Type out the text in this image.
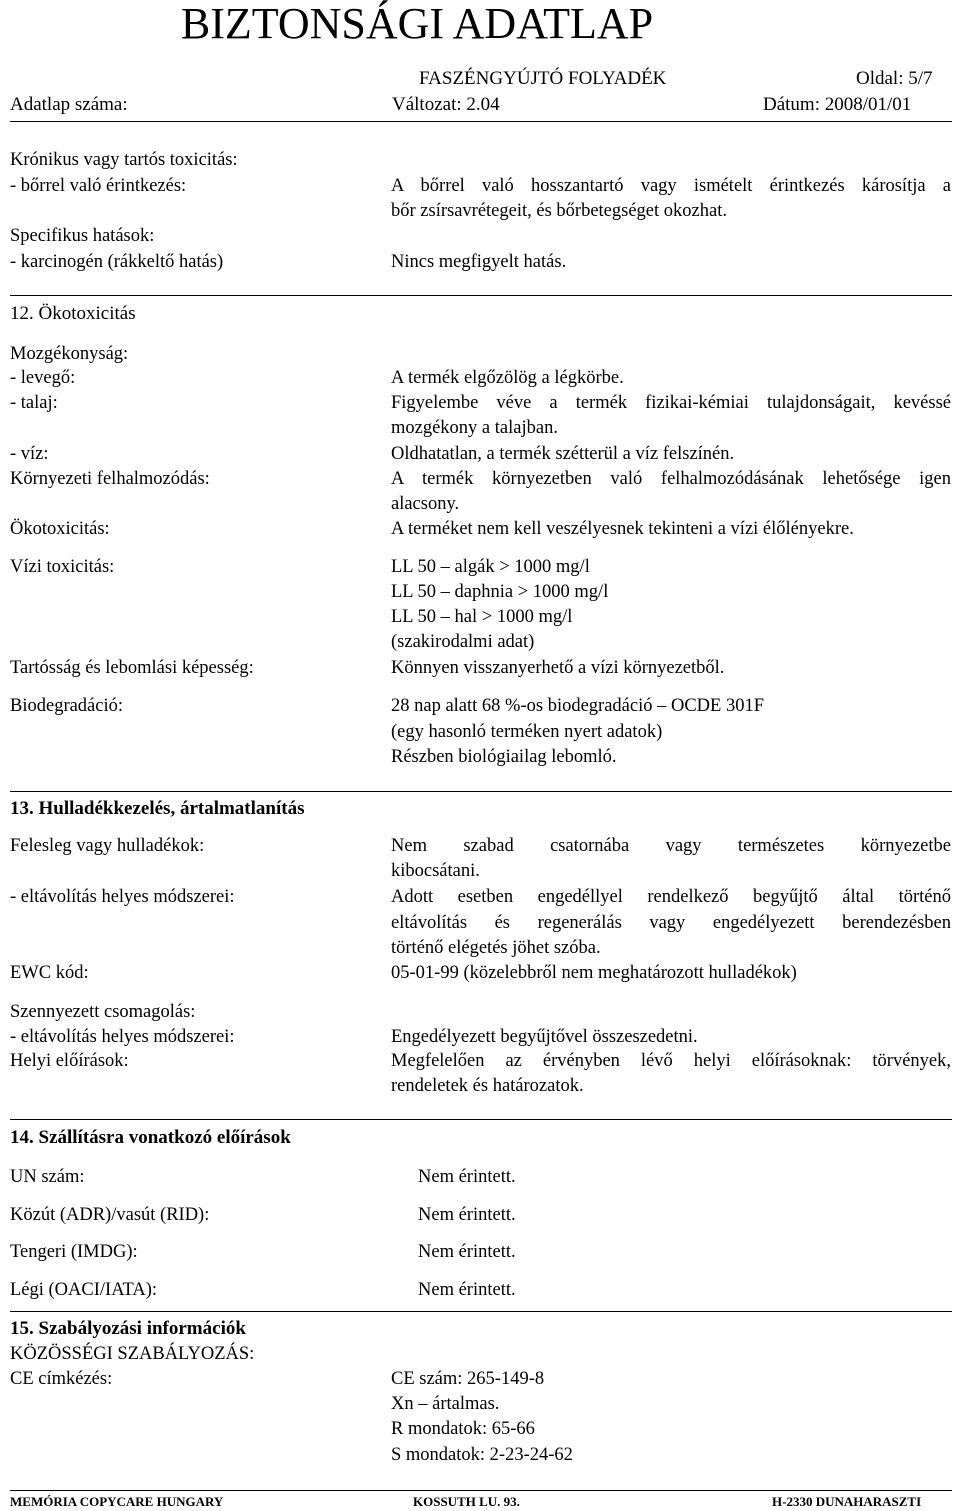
BIZTONSÁGI ADATLAP
FASZÉNGYÚJTÓ FOLYADÉK	Oldal: 5/7
Adatlap száma:	Változat: 2.04	Dátum: 2008/01/01
Krónikus vagy tartós toxicitás:
- bőrrel való érintkezés:	A bőrrel való hosszantartó vagy ismételt érintkezés károsítja a
bőr zsírsavrétegeit, és bőrbetegséget okozhat.
Specifikus hatások:
- karcinogén (rákkeltő hatás)	Nincs megfigyelt hatás.
12. Ökotoxicitás
Mozgékonyság:
- levegő:	A termék elgőzölög a légkörbe.
- talaj:	Figyelembe véve a termék fizikai-kémiai tulajdonságait, kevéssé
mozgékony a talajban.
- víz:	Oldhatatlan, a termék szétterül a víz felszínén.
Környezeti felhalmozódás:	A termék környezetben való felhalmozódásának lehetősége igen
alacsony.
Ökotoxicitás:	A terméket nem kell veszélyesnek tekinteni a vízi élőlényekre.
Vízi toxicitás:	LL 50 – algák > 1000 mg/l
LL 50 – daphnia > 1000 mg/l
LL 50 – hal > 1000 mg/l
(szakirodalmi adat)
Tartósság és lebomlási képesség:	Könnyen visszanyerhető a vízi környezetből.
Biodegradáció:	28 nap alatt 68 %-os biodegradáció – OCDE 301F
(egy hasonló terméken nyert adatok)
Részben biológiailag lebomló.
13. Hulladékkezelés, ártalmatlanítás
Felesleg vagy hulladékok:	Nem szabad csatornába vagy természetes környezetbe
kibocsátani.
- eltávolítás helyes módszerei:	Adott esetben engedéllyel rendelkező begyűjtő által történő
eltávolítás és regenerálás vagy engedélyezett berendezésben
történő elégetés jöhet szóba.
EWC kód:	05-01-99 (közelebbről nem meghatározott hulladékok)
Szennyezett csomagolás:
- eltávolítás helyes módszerei:	Engedélyezett begyűjtővel összeszedetni.
Helyi előírások:	Megfelelően az érvényben lévő helyi előírásoknak: törvények,
rendeletek és határozatok.
14. Szállításra vonatkozó előírások
UN szám:	Nem érintett.
Közút (ADR)/vasút (RID):	Nem érintett.
Tengeri (IMDG):	Nem érintett.
Légi (OACI/IATA):	Nem érintett.
15. Szabályozási információk
KÖZÖSSÉGI SZABÁLYOZÁS:
CE címkézés:	CE szám: 265-149-8
Xn – ártalmas.
R mondatok: 65-66
S mondatok: 2-23-24-62
MEMÓRIA COPYCARE HUNGARY	KOSSUTH LU. 93.	H-2330 DUNAHARASZTI
